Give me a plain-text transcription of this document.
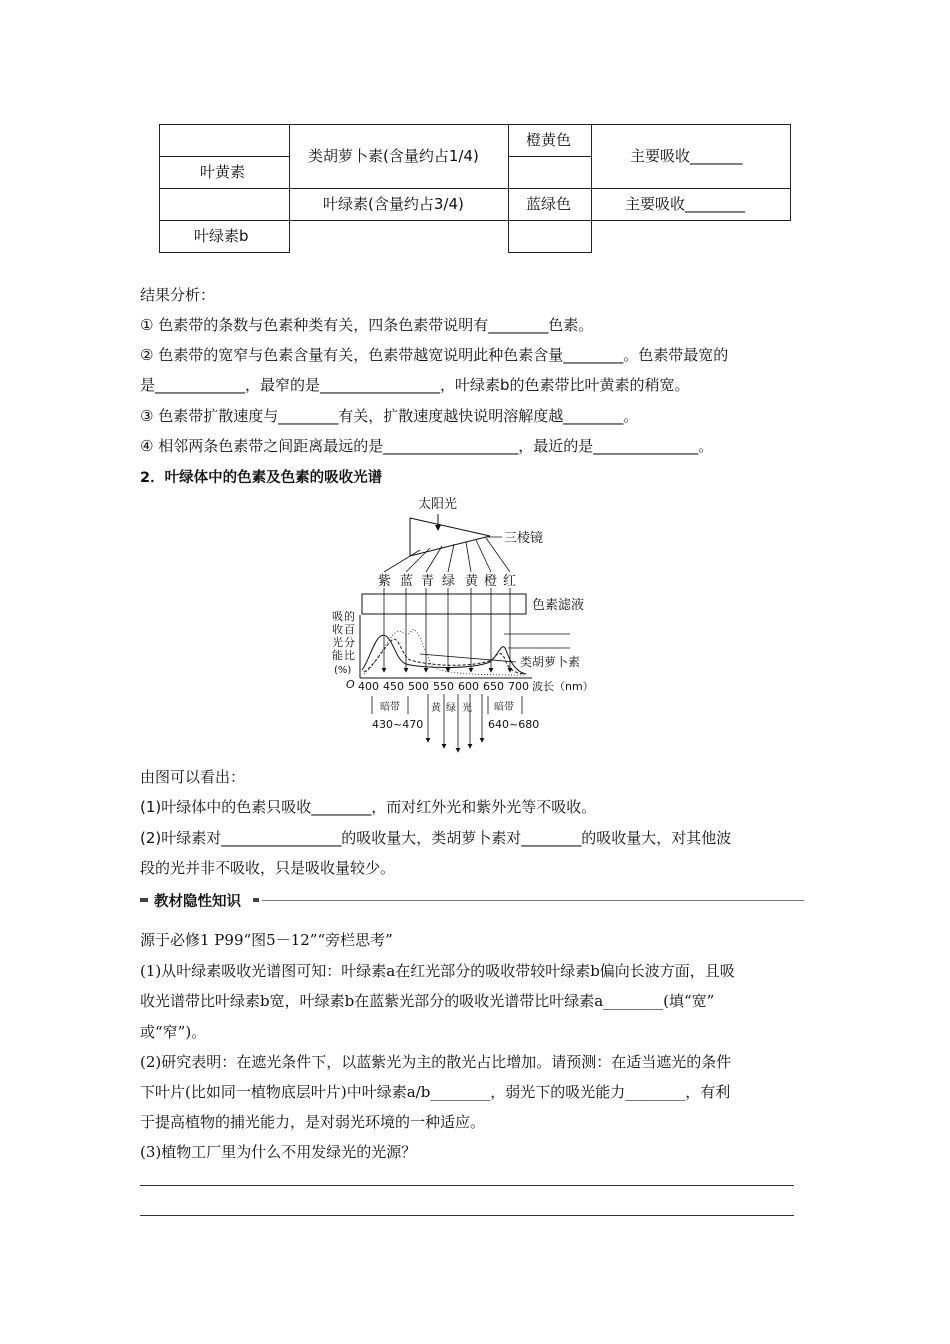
叶黄素
类胡萝卜素(含量约占1/4)
橙黄色
主要吸收_______
叶绿素(含量约占3/4)	蓝绿色	主要吸收________
叶绿素b
结果分析：
① 色素带的条数与色素种类有关，四条色素带说明有________色素。
② 色素带的宽窄与色素含量有关，色素带越宽说明此种色素含量________。色素带最宽的
是____________，最窄的是________________，叶绿素b的色素带比叶黄素的稍宽。
③ 色素带扩散速度与________有关，扩散速度越快说明溶解度越________。
④ 相邻两条色素带之间距离最远的是__________________，最近的是______________。
2．叶绿体中的色素及色素的吸收光谱
太阳光
三棱镜
紫 蓝 青 绿 黄 橙 红
色素滤液
吸 的
收 百
光 分
能 比
(%)
O
类胡萝卜素
400 450 500 550 600 650 700 波长（nm）
暗带
430~470
黄 绿 光 暗带
640~680
由图可以看出：
(1)叶绿体中的色素只吸收________，而对红外光和紫外光等不吸收。
(2)叶绿素对________________的吸收量大，类胡萝卜素对________的吸收量大，对其他波
段的光并非不吸收，只是吸收量较少。
教材隐性知识
源于必修1 P99“图5－12”“旁栏思考”
(1)从叶绿素吸收光谱图可知：叶绿素a在红光部分的吸收带较叶绿素b偏向长波方面，且吸
收光谱带比叶绿素b宽，叶绿素b在蓝紫光部分的吸收光谱带比叶绿素a________(填“宽”
或“窄”)。
(2)研究表明：在遮光条件下，以蓝紫光为主的散光占比增加。请预测：在适当遮光的条件
下叶片(比如同一植物底层叶片)中叶绿素a/b________，弱光下的吸光能力________，有利
于提高植物的捕光能力，是对弱光环境的一种适应。
(3)植物工厂里为什么不用发绿光的光源？
